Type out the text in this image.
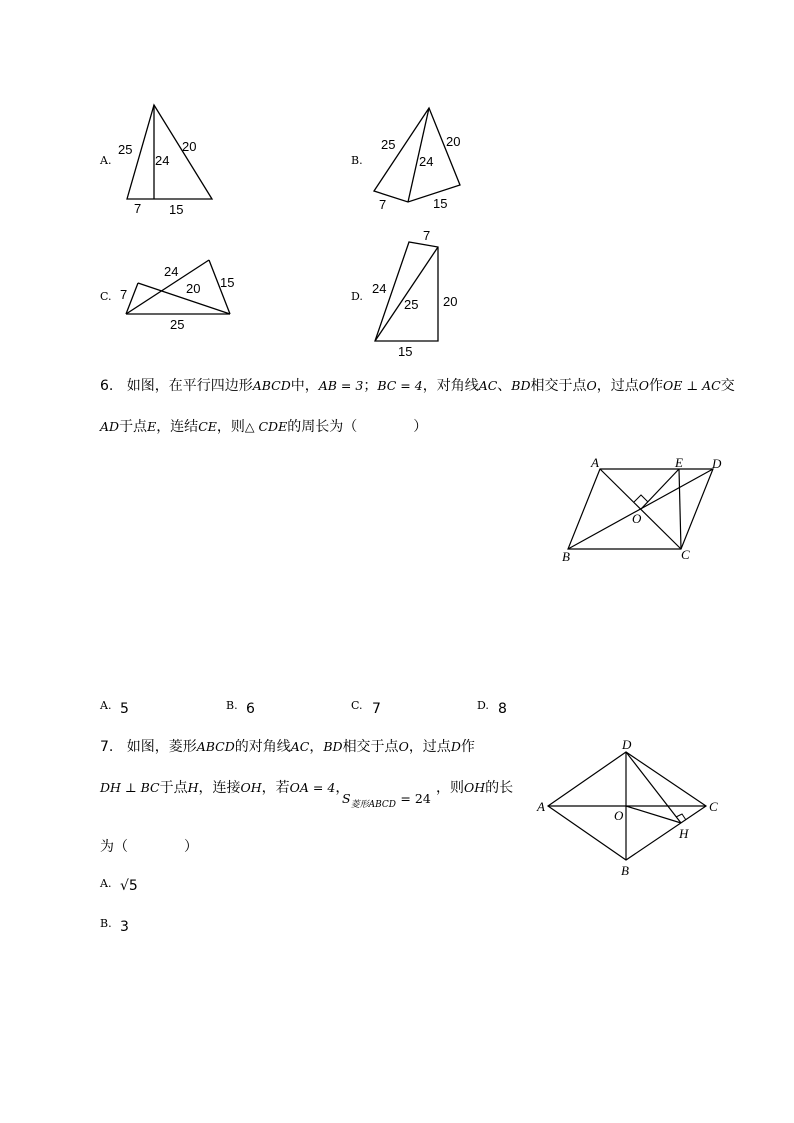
A.
25
24
20
7 15
B.
25
24
20
7	15
C. 7
24
20 15
25
D.
7
24
25 20
15
6. 如图，在平行四边形ABCD中，AB = 3；BC = 4，对角线AC、BD相交于点O，过点O作OE ⊥ AC交
AD于点E，连结CE，则△ CDE的周长为（　　　　）
A	E D
O
B	C
A. 5	B. 6	C. 7	D. 8
7. 如图，菱形ABCD的对角线AC，BD相交于点O，过点D作
DH ⊥ BC于点H，连接OH，若OA = 4，
$S_{菱形ABCD} = 24$
，则OH的长
为（　　　　）
D
A
O
C
H
B
A. √5
B. 3
